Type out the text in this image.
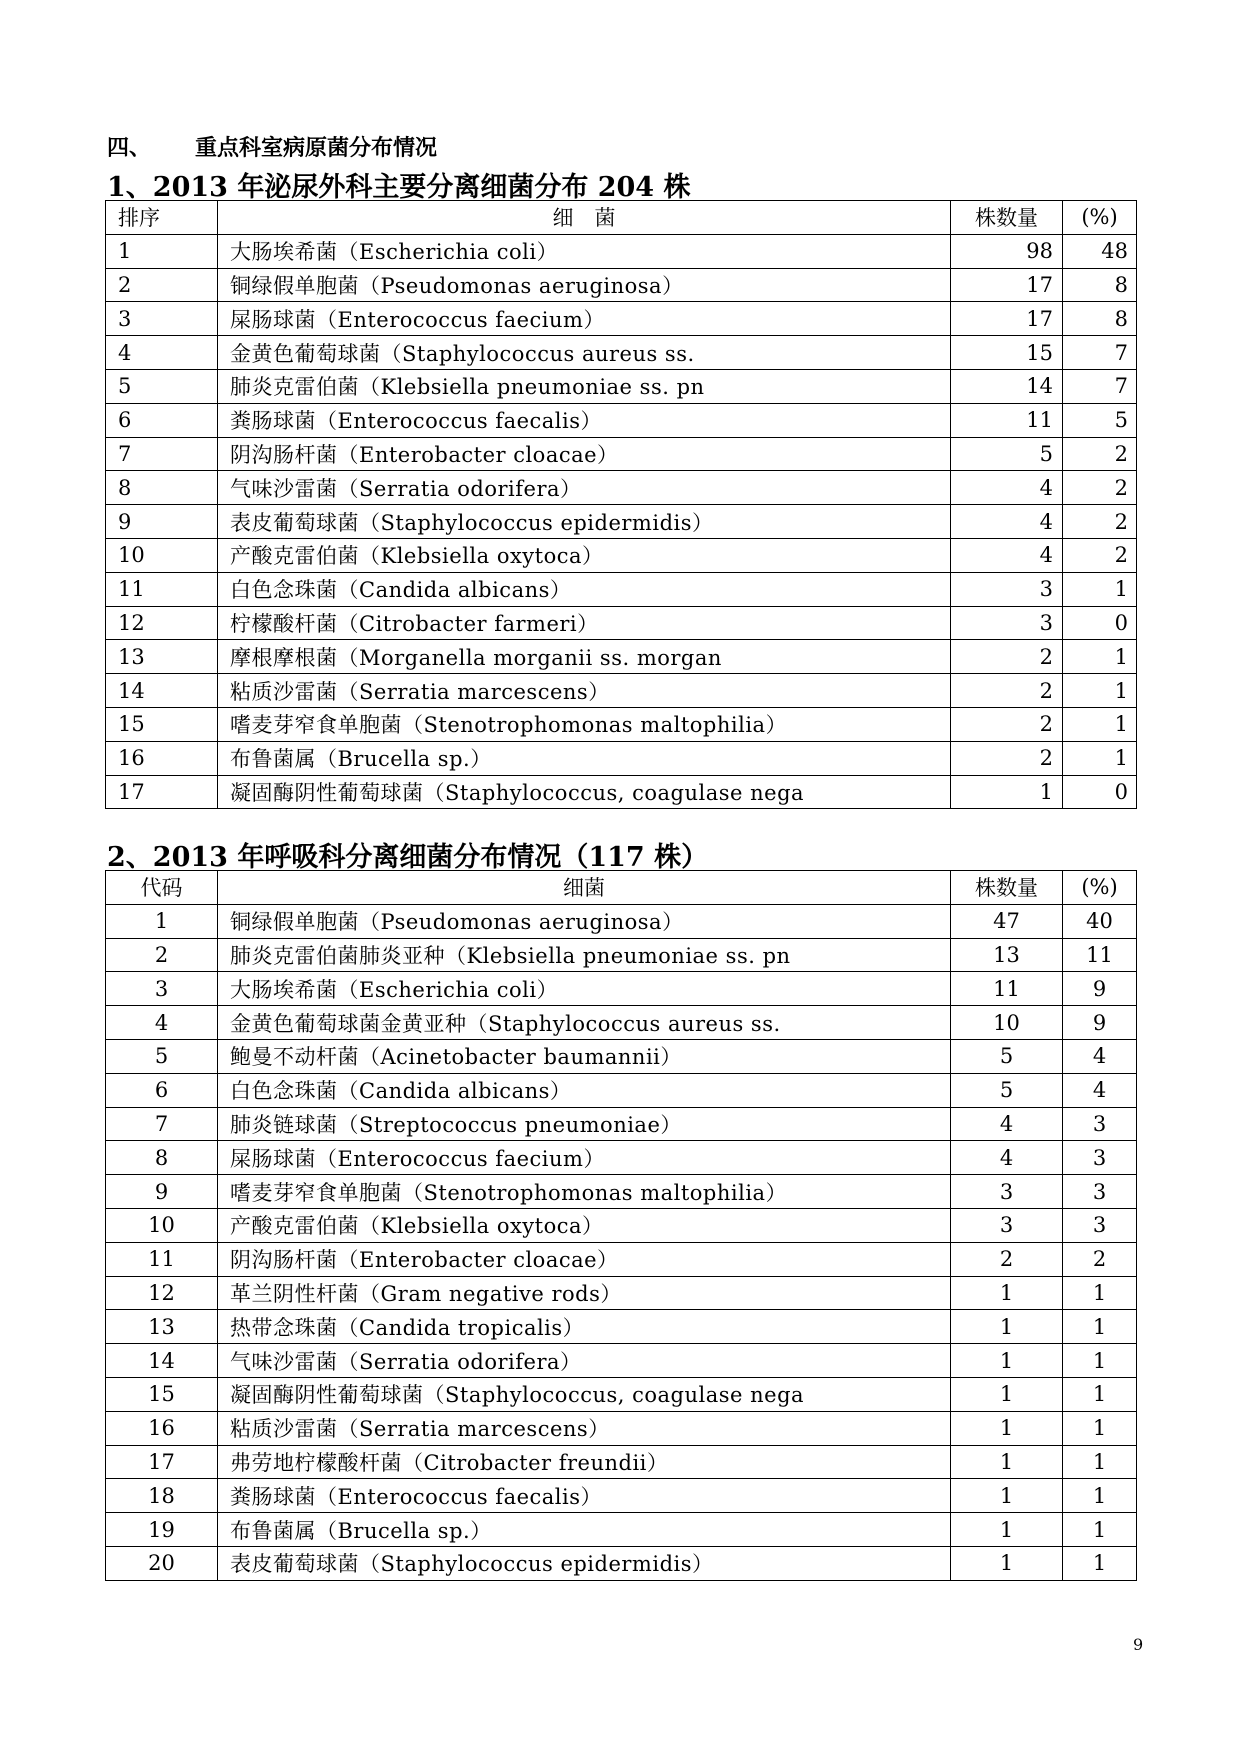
四、 重点科室病原菌分布情况
1、2013 年泌尿外科主要分离细菌分布 204 株
排序	细　菌	株数量	(%)
1	大肠埃希菌（Escherichia coli）	98	48
2	铜绿假单胞菌（Pseudomonas aeruginosa）	17	8
3	屎肠球菌（Enterococcus faecium）	17	8
4	金黄色葡萄球菌（Staphylococcus aureus ss.	15	7
5	肺炎克雷伯菌（Klebsiella pneumoniae ss. pn	14	7
6	粪肠球菌（Enterococcus faecalis）	11	5
7	阴沟肠杆菌（Enterobacter cloacae）	5	2
8	气味沙雷菌（Serratia odorifera）	4	2
9	表皮葡萄球菌（Staphylococcus epidermidis）	4	2
10	产酸克雷伯菌（Klebsiella oxytoca）	4	2
11	白色念珠菌（Candida albicans）	3	1
12	柠檬酸杆菌（Citrobacter farmeri）	3	0
13	摩根摩根菌（Morganella morganii ss. morgan	2	1
14	粘质沙雷菌（Serratia marcescens）	2	1
15	嗜麦芽窄食单胞菌（Stenotrophomonas maltophilia）	2	1
16	布鲁菌属（Brucella sp.）	2	1
17	凝固酶阴性葡萄球菌（Staphylococcus, coagulase nega	1	0
2、2013 年呼吸科分离细菌分布情况（117 株）
代码	细菌	株数量	(%)
1	铜绿假单胞菌（Pseudomonas aeruginosa）	47	40
2	肺炎克雷伯菌肺炎亚种（Klebsiella pneumoniae ss. pn	13	11
3	大肠埃希菌（Escherichia coli）	11	9
4	金黄色葡萄球菌金黄亚种（Staphylococcus aureus ss.	10	9
5	鲍曼不动杆菌（Acinetobacter baumannii）	5	4
6	白色念珠菌（Candida albicans）	5	4
7	肺炎链球菌（Streptococcus pneumoniae）	4	3
8	屎肠球菌（Enterococcus faecium）	4	3
9	嗜麦芽窄食单胞菌（Stenotrophomonas maltophilia）	3	3
10	产酸克雷伯菌（Klebsiella oxytoca）	3	3
11	阴沟肠杆菌（Enterobacter cloacae）	2	2
12	革兰阴性杆菌（Gram negative rods）	1	1
13	热带念珠菌（Candida tropicalis）	1	1
14	气味沙雷菌（Serratia odorifera）	1	1
15	凝固酶阴性葡萄球菌（Staphylococcus, coagulase nega	1	1
16	粘质沙雷菌（Serratia marcescens）	1	1
17	弗劳地柠檬酸杆菌（Citrobacter freundii）	1	1
18	粪肠球菌（Enterococcus faecalis）	1	1
19	布鲁菌属（Brucella sp.）	1	1
20	表皮葡萄球菌（Staphylococcus epidermidis）	1	1
9
